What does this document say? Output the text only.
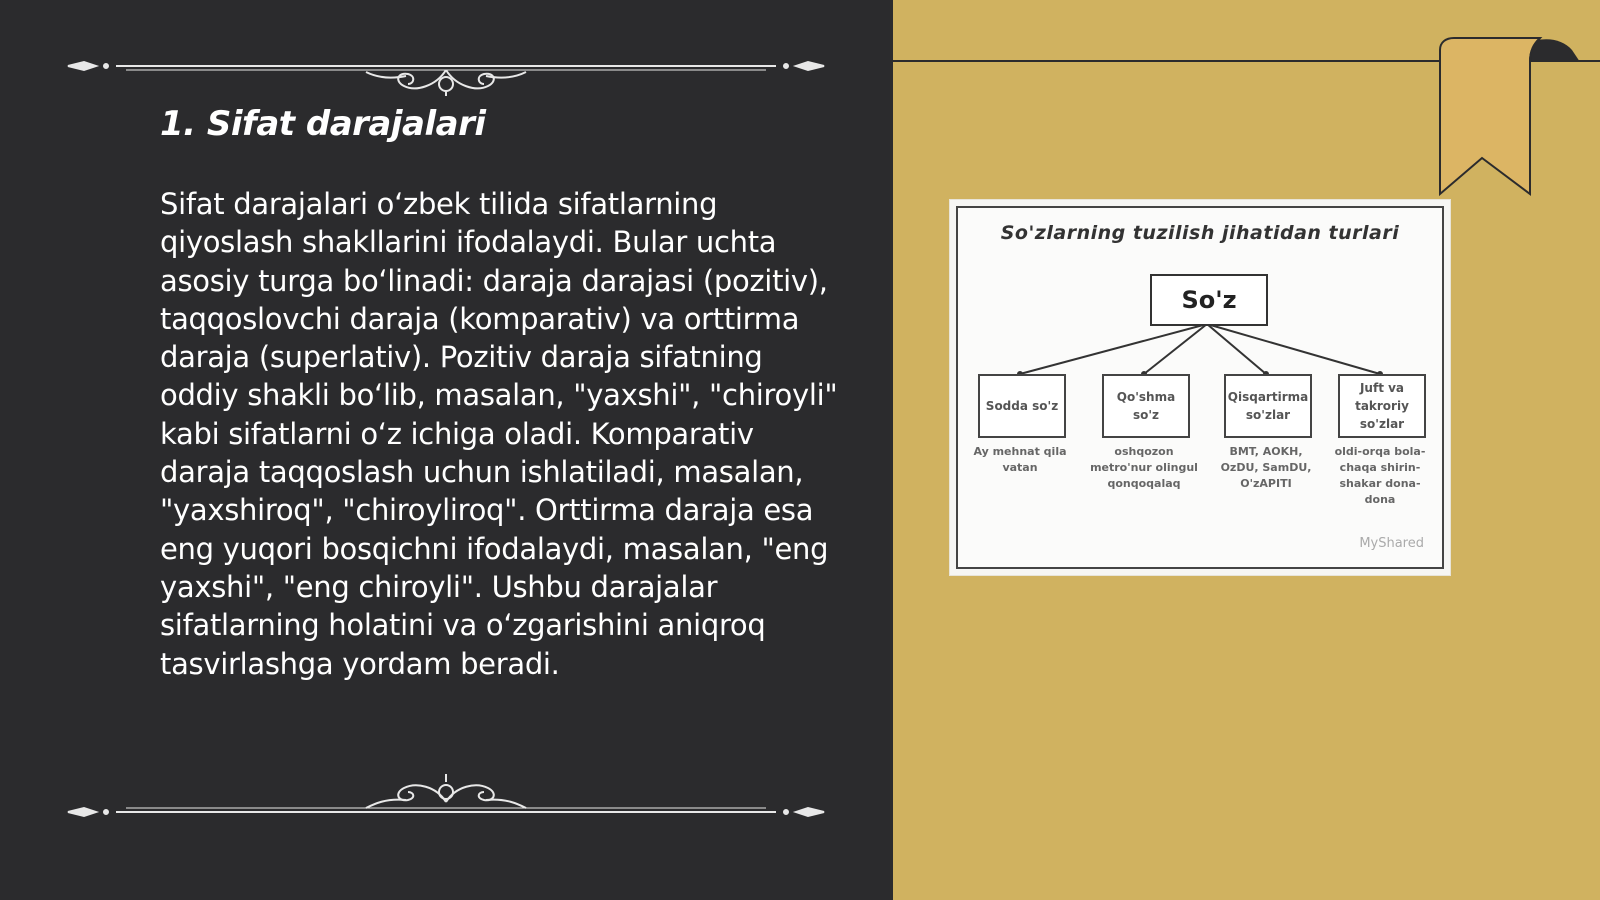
1. Sifat darajalari

Sifat darajalari oʻzbek tilida sifatlarning qiyoslash shakllarini ifodalaydi. Bular uchta asosiy turga boʻlinadi: daraja darajasi (pozitiv), taqqoslovchi daraja (komparativ) va orttirma daraja (superlativ). Pozitiv daraja sifatning oddiy shakli boʻlib, masalan, "yaxshi", "chiroyli" kabi sifatlarni oʻz ichiga oladi. Komparativ daraja taqqoslash uchun ishlatiladi, masalan, "yaxshiroq", "chiroyliroq". Orttirma daraja esa eng yuqori bosqichni ifodalaydi, masalan, "eng yaxshi", "eng chiroyli". Ushbu darajalar sifatlarning holatini va oʻzgarishini aniqroq tasvirlashga yordam beradi.

So'zlarning tuzilish jihatidan turlari
So'z
Sodda so'z
Qo'shma so'z
Qisqartirma so'zlar
Juft va takroriy so'zlar
Ay mehnat qila vatan
oshqozon metro'nur olingul qonqoqalaq
BMT, AOKH, OzDU, SamDU, O'zAPITI
oldi-orqa bola-chaqa shirin-shakar dona-dona
MyShared
